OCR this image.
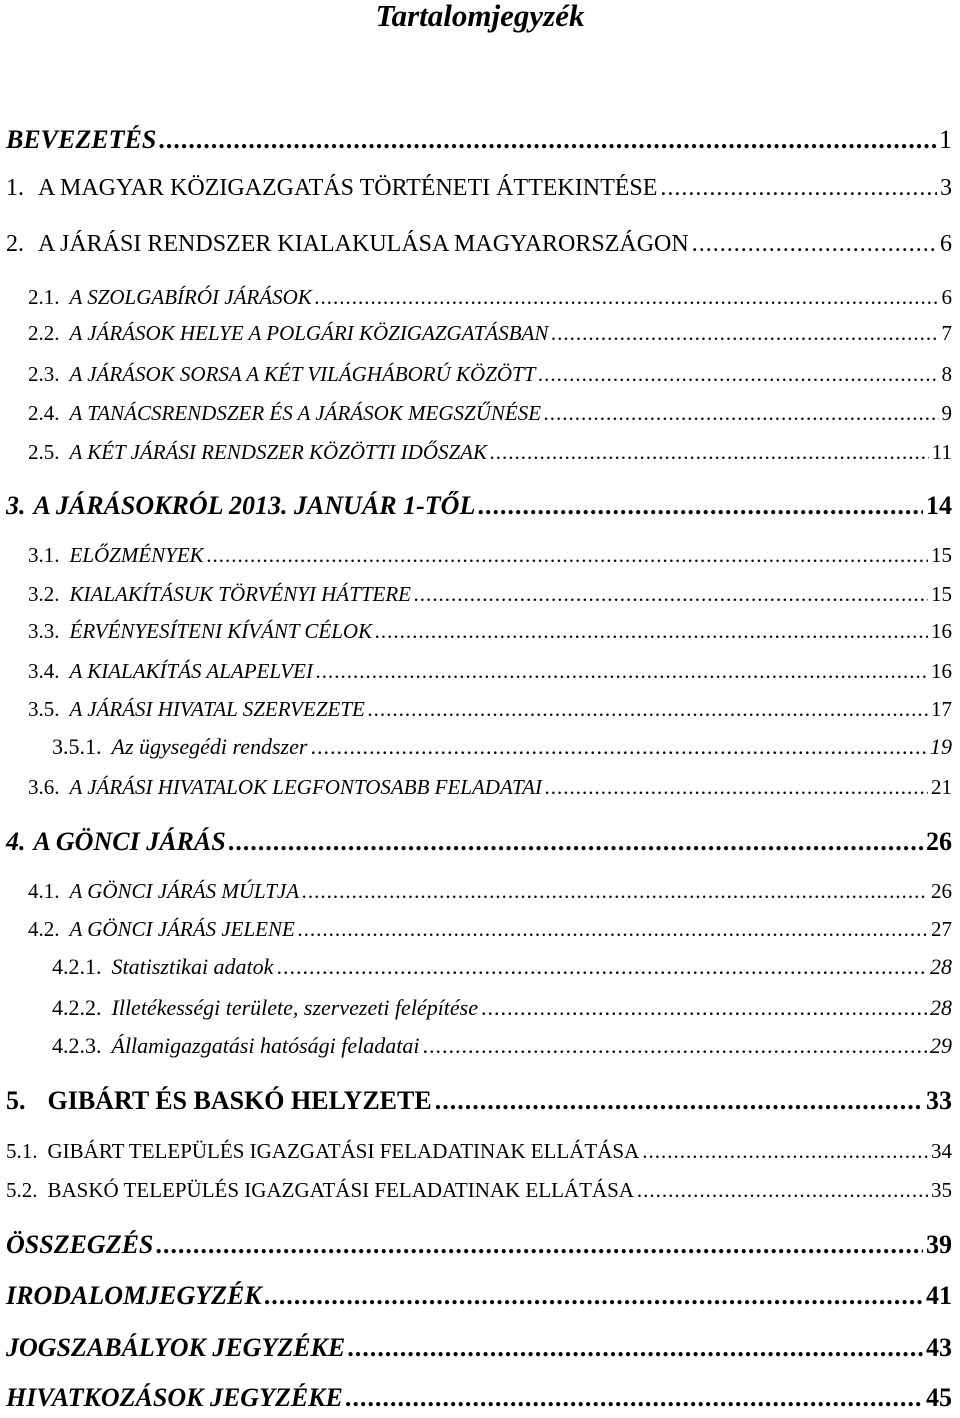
Tartalomjegyzék
BEVEZETÉS .....	1
1. A MAGYAR KÖZIGAZGATÁS TÖRTÉNETI ÁTTEKINTÉSE .....	3
2. A JÁRÁSI RENDSZER KIALAKULÁSA MAGYARORSZÁGON .....	6
2.1. A SZOLGABÍRÓI JÁRÁSOK .....	6
2.2. A JÁRÁSOK HELYE A POLGÁRI KÖZIGAZGATÁSBAN .....	7
2.3. A JÁRÁSOK SORSA A KÉT VILÁGHÁBORÚ KÖZÖTT .....	8
2.4. A TANÁCSRENDSZER ÉS A JÁRÁSOK MEGSZŰNÉSE .....	9
2.5. A KÉT JÁRÁSI RENDSZER KÖZÖTTI IDŐSZAK .....	11
3. A JÁRÁSOKRÓL 2013. JANUÁR 1-TŐL .....	14
3.1. ELŐZMÉNYEK .....	15
3.2. KIALAKÍTÁSUK TÖRVÉNYI HÁTTERE .....	15
3.3. ÉRVÉNYESÍTENI KÍVÁNT CÉLOK .....	16
3.4. A KIALAKÍTÁS ALAPELVEI .....	16
3.5. A JÁRÁSI HIVATAL SZERVEZETE .....	17
3.5.1. Az ügysegédi rendszer .....	19
3.6. A JÁRÁSI HIVATALOK LEGFONTOSABB FELADATAI .....	21
4. A GÖNCI JÁRÁS .....	26
4.1. A GÖNCI JÁRÁS MÚLTJA .....	26
4.2. A GÖNCI JÁRÁS JELENE .....	27
4.2.1. Statisztikai adatok .....	28
4.2.2. Illetékességi területe, szervezeti felépítése .....	28
4.2.3. Államigazgatási hatósági feladatai .....	29
5. GIBÁRT ÉS BASKÓ HELYZETE .....	33
5.1. GIBÁRT TELEPÜLÉS IGAZGATÁSI FELADATINAK ELLÁTÁSA .....	34
5.2. BASKÓ TELEPÜLÉS IGAZGATÁSI FELADATINAK ELLÁTÁSA .....	35
ÖSSZEGZÉS .....	39
IRODALOMJEGYZÉK .....	41
JOGSZABÁLYOK JEGYZÉKE .....	43
HIVATKOZÁSOK JEGYZÉKE .....	45
